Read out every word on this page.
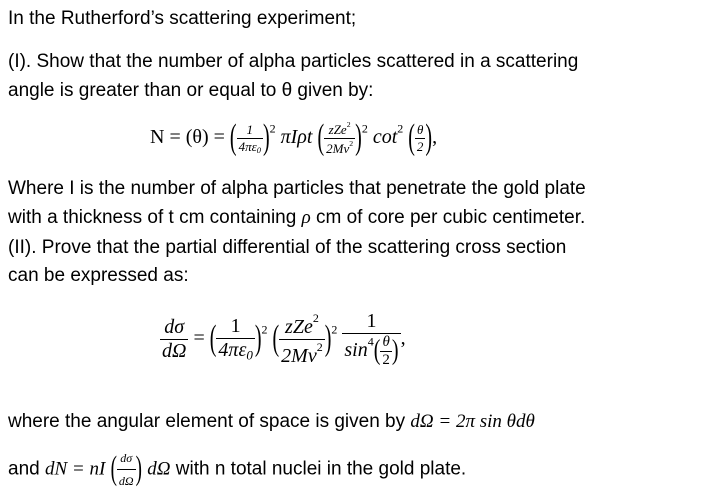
In the Rutherford’s scattering experiment;
(I). Show that the number of alpha particles scattered in a scattering
angle is greater than or equal to θ given by:
N = (θ) = ( $\frac{1}{4\pi\varepsilon_0} )^2$ πIρt ( $\frac{zZe^2}{2Mv^2} )^2$ $\cot^2$ ( $\frac{\theta}{2}$ ),
Where I is the number of alpha particles that penetrate the gold plate
with a thickness of t cm containing ρ cm of core per cubic centimeter.
(II). Prove that the partial differential of the scattering cross section
can be expressed as:
$\frac{d\sigma}{d\Omega}$ = ( $\frac{1}{4\pi\varepsilon_0} )^2$ ( $\frac{zZe^2}{2Mv^2} )^2 \frac{1}{\sin^4( \frac{\theta}{2} )}$ ,
where the angular element of space is given by dΩ = 2π sin θdθ
and dN = nI ( $\frac{d\sigma}{d\Omega}$ ) dΩ with n total nuclei in the gold plate.
